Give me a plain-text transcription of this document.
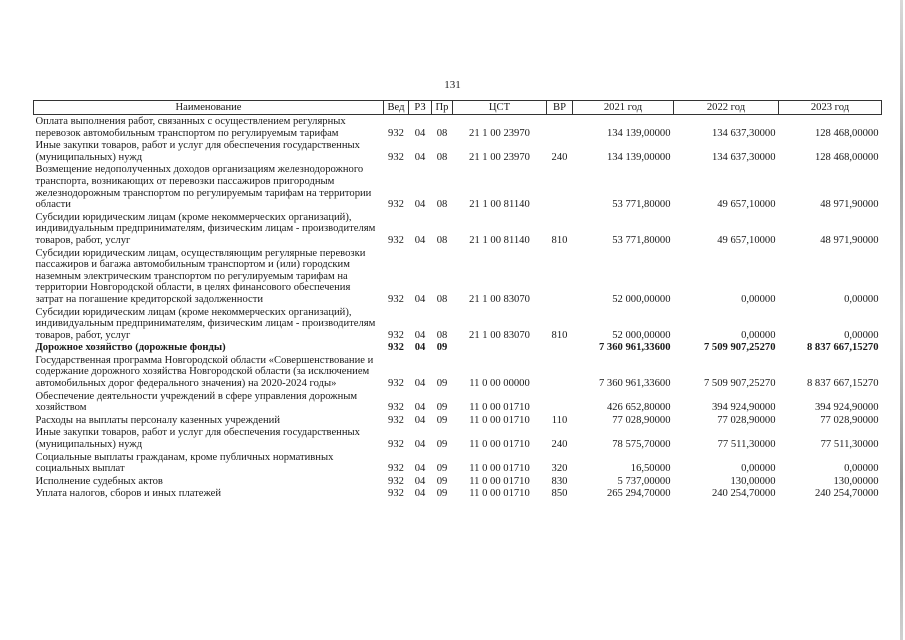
131
Наименование	Вед	РЗ	Пр	ЦСТ	ВР	2021 год	2022 год	2023 год
Оплата выполнения работ, связанных с осуществлением регулярных перевозок автомобильным транспортом по регулируемым тарифам	932	04	08	21 1 00 23970		134 139,00000	134 637,30000	128 468,00000
Иные закупки товаров, работ и услуг для обеспечения государственных (муниципальных) нужд	932	04	08	21 1 00 23970	240	134 139,00000	134 637,30000	128 468,00000
Возмещение недополученных доходов организациям железнодорожного транспорта, возникающих от перевозки пассажиров пригородным железнодорожным транспортом по регулируемым тарифам на территории области	932	04	08	21 1 00 81140		53 771,80000	49 657,10000	48 971,90000
Субсидии юридическим лицам (кроме некоммерческих организаций), индивидуальным предпринимателям, физическим лицам - производителям товаров, работ, услуг	932	04	08	21 1 00 81140	810	53 771,80000	49 657,10000	48 971,90000
Субсидии юридическим лицам, осуществляющим регулярные перевозки пассажиров и багажа автомобильным транспортом и (или) городским наземным электрическим транспортом по регулируемым тарифам на территории Новгородской области, в целях финансового обеспечения затрат на погашение кредиторской задолженности	932	04	08	21 1 00 83070		52 000,00000	0,00000	0,00000
Субсидии юридическим лицам (кроме некоммерческих организаций), индивидуальным предпринимателям, физическим лицам - производителям товаров, работ, услуг	932	04	08	21 1 00 83070	810	52 000,00000	0,00000	0,00000
Дорожное хозяйство (дорожные фонды)	932	04	09			7 360 961,33600	7 509 907,25270	8 837 667,15270
Государственная программа Новгородской области «Совершенствование и содержание дорожного хозяйства Новгородской области (за исключением автомобильных дорог федерального значения) на 2020-2024 годы»	932	04	09	11 0 00 00000		7 360 961,33600	7 509 907,25270	8 837 667,15270
Обеспечение деятельности учреждений в сфере управления дорожным хозяйством	932	04	09	11 0 00 01710		426 652,80000	394 924,90000	394 924,90000
Расходы на выплаты персоналу казенных учреждений	932	04	09	11 0 00 01710	110	77 028,90000	77 028,90000	77 028,90000
Иные закупки товаров, работ и услуг для обеспечения государственных (муниципальных) нужд	932	04	09	11 0 00 01710	240	78 575,70000	77 511,30000	77 511,30000
Социальные выплаты гражданам, кроме публичных нормативных социальных выплат	932	04	09	11 0 00 01710	320	16,50000	0,00000	0,00000
Исполнение судебных актов	932	04	09	11 0 00 01710	830	5 737,00000	130,00000	130,00000
Уплата налогов, сборов и иных платежей	932	04	09	11 0 00 01710	850	265 294,70000	240 254,70000	240 254,70000
